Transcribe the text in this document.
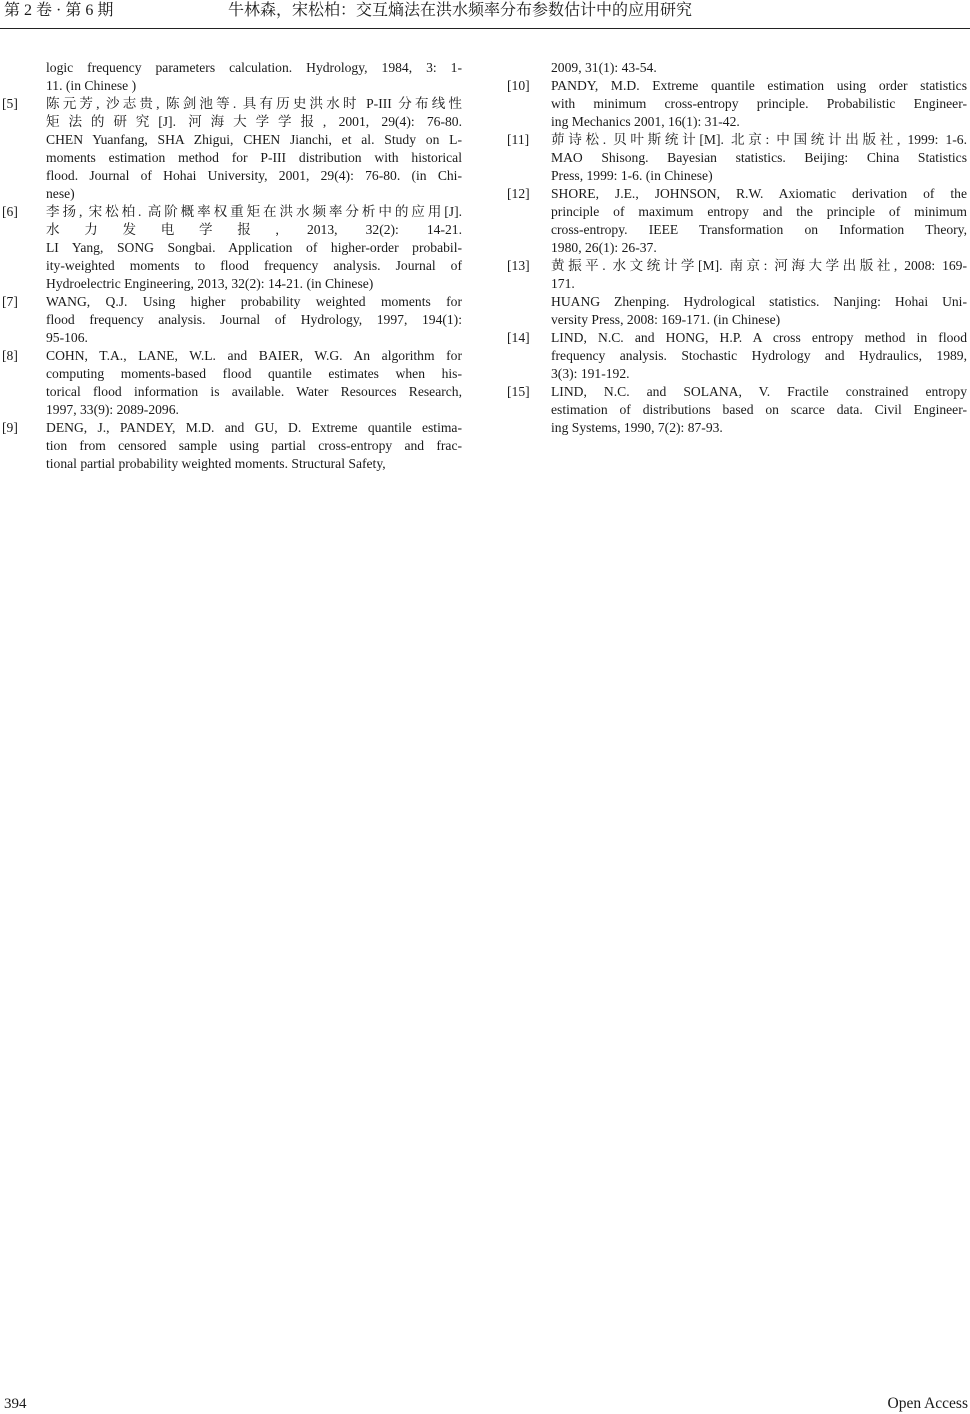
第 2 卷 · 第 6 期	牛林森，宋松柏：交互熵法在洪水频率分布参数估计中的应用研究
logic frequency parameters calculation. Hydrology, 1984, 3: 1-
11. (in Chinese )
[5] 陈元芳, 沙志贵, 陈剑池等. 具有历史洪水时 P-III 分布线性
矩法的研究[J]. 河海大学学报, 2001, 29(4): 76-80.
CHEN Yuanfang, SHA Zhigui, CHEN Jianchi, et al. Study on L-
moments estimation method for P-III distribution with historical
flood. Journal of Hohai University, 2001, 29(4): 76-80. (in Chi-
nese)
[6] 李扬, 宋松柏. 高阶概率权重矩在洪水频率分析中的应用[J].
水力发电学报, 2013, 32(2): 14-21.
LI Yang, SONG Songbai. Application of higher-order probabil-
ity-weighted moments to flood frequency analysis. Journal of
Hydroelectric Engineering, 2013, 32(2): 14-21. (in Chinese)
[7] WANG, Q.J. Using higher probability weighted moments for
flood frequency analysis. Journal of Hydrology, 1997, 194(1):
95-106.
[8] COHN, T.A., LANE, W.L. and BAIER, W.G. An algorithm for
computing moments-based flood quantile estimates when his-
torical flood information is available. Water Resources Research,
1997, 33(9): 2089-2096.
[9] DENG, J., PANDEY, M.D. and GU, D. Extreme quantile estima-
tion from censored sample using partial cross-entropy and frac-
tional partial probability weighted moments. Structural Safety,
2009, 31(1): 43-54.
[10] PANDY, M.D. Extreme quantile estimation using order statistics
with minimum cross-entropy principle. Probabilistic Engineer-
ing Mechanics 2001, 16(1): 31-42.
[11] 茆诗松. 贝叶斯统计[M]. 北京: 中国统计出版社, 1999: 1-6.
MAO Shisong. Bayesian statistics. Beijing: China Statistics
Press, 1999: 1-6. (in Chinese)
[12] SHORE, J.E., JOHNSON, R.W. Axiomatic derivation of the
principle of maximum entropy and the principle of minimum
cross-entropy. IEEE Transformation on Information Theory,
1980, 26(1): 26-37.
[13] 黄振平. 水文统计学[M]. 南京: 河海大学出版社, 2008: 169-
171.
HUANG Zhenping. Hydrological statistics. Nanjing: Hohai Uni-
versity Press, 2008: 169-171. (in Chinese)
[14] LIND, N.C. and HONG, H.P. A cross entropy method in flood
frequency analysis. Stochastic Hydrology and Hydraulics, 1989,
3(3): 191-192.
[15] LIND, N.C. and SOLANA, V. Fractile constrained entropy
estimation of distributions based on scarce data. Civil Engineer-
ing Systems, 1990, 7(2): 87-93.
394	Open Access
